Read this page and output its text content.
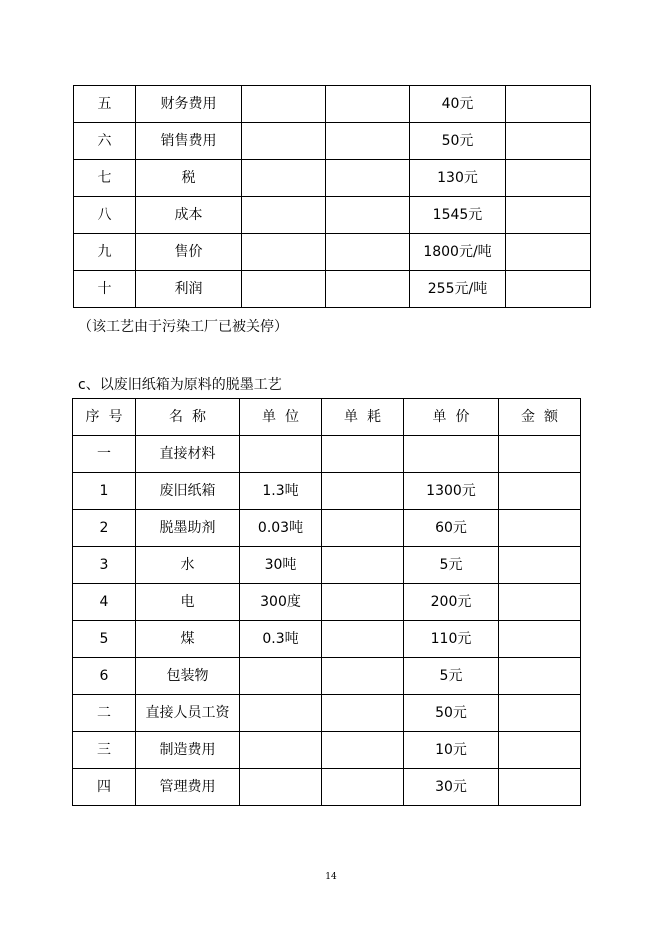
五	财务费用			40元	
六	销售费用			50元	
七	税			130元	
八	成本			1545元	
九	售价			1800元/吨	
十	利润			255元/吨	
（该工艺由于污染工厂已被关停）
c、以废旧纸箱为原料的脱墨工艺
序  号	名  称	单  位	单  耗	单  价	金  额
一	直接材料				
1	废旧纸箱	1.3吨		1300元	
2	脱墨助剂	0.03吨		60元	
3	水	30吨		5元	
4	电	300度		200元	
5	煤	0.3吨		110元	
6	包装物			5元	
二	直接人员工资			50元	
三	制造费用			10元	
四	管理费用			30元	
14
